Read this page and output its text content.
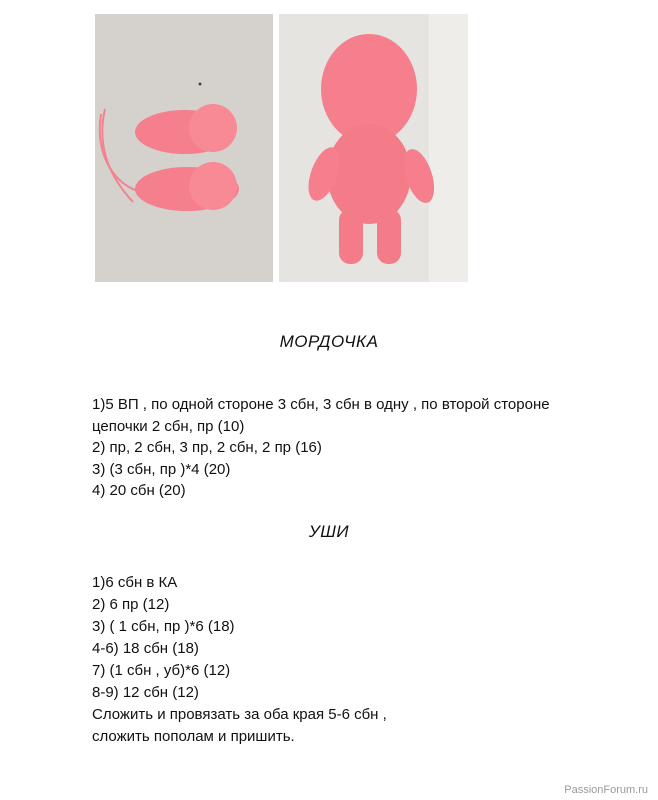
МОРДОЧКА
1)5 ВП , по одной стороне 3 сбн, 3 сбн в одну , по второй стороне
цепочки 2 сбн, пр (10)
2) пр, 2 сбн, 3 пр, 2 сбн, 2 пр (16)
3) (3 сбн, пр )*4 (20)
4) 20 сбн (20)
УШИ
1)6 сбн в КА
2) 6 пр (12)
3) ( 1 сбн, пр )*6 (18)
4-6) 18 сбн (18)
7) (1 сбн , уб)*6 (12)
8-9) 12 сбн (12)
Сложить и провязать за оба края 5-6 сбн ,
сложить пополам и пришить.
PassionForum.ru
